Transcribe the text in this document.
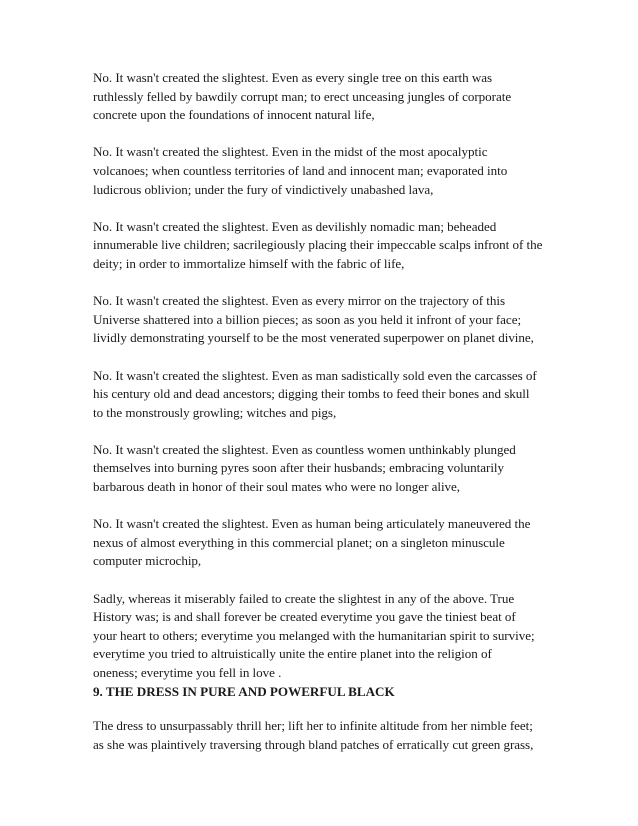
No. It wasn't created the slightest. Even as every single tree on this earth was
ruthlessly felled by bawdily corrupt man; to erect unceasing jungles of corporate
concrete upon the foundations of innocent natural life,

No. It wasn't created the slightest. Even in the midst of the most apocalyptic
volcanoes; when countless territories of land and innocent man; evaporated into
ludicrous oblivion; under the fury of vindictively unabashed lava,

No. It wasn't created the slightest. Even as devilishly nomadic man; beheaded
innumerable live children; sacrilegiously placing their impeccable scalps infront of the
deity; in order to immortalize himself with the fabric of life,

No. It wasn't created the slightest. Even as every mirror on the trajectory of this
Universe shattered into a billion pieces; as soon as you held it infront of your face;
lividly demonstrating yourself to be the most venerated superpower on planet divine,

No. It wasn't created the slightest. Even as man sadistically sold even the carcasses of
his century old and dead ancestors; digging their tombs to feed their bones and skull
to the monstrously growling; witches and pigs,

No. It wasn't created the slightest. Even as countless women unthinkably plunged
themselves into burning pyres soon after their husbands; embracing voluntarily
barbarous death in honor of their soul mates who were no longer alive,

No. It wasn't created the slightest. Even as human being articulately maneuvered the
nexus of almost everything in this commercial planet; on a singleton minuscule
computer microchip,

Sadly, whereas it miserably failed to create the slightest in any of the above. True
History was; is and shall forever be created everytime you gave the tiniest beat of
your heart to others; everytime you melanged with the humanitarian spirit to survive;
everytime you tried to altruistically unite the entire planet into the religion of
oneness; everytime you fell in love .

9. THE DRESS IN PURE AND POWERFUL BLACK
The dress to unsurpassably thrill her; lift her to infinite altitude from her nimble feet;
as she was plaintively traversing through bland patches of erratically cut green grass,
